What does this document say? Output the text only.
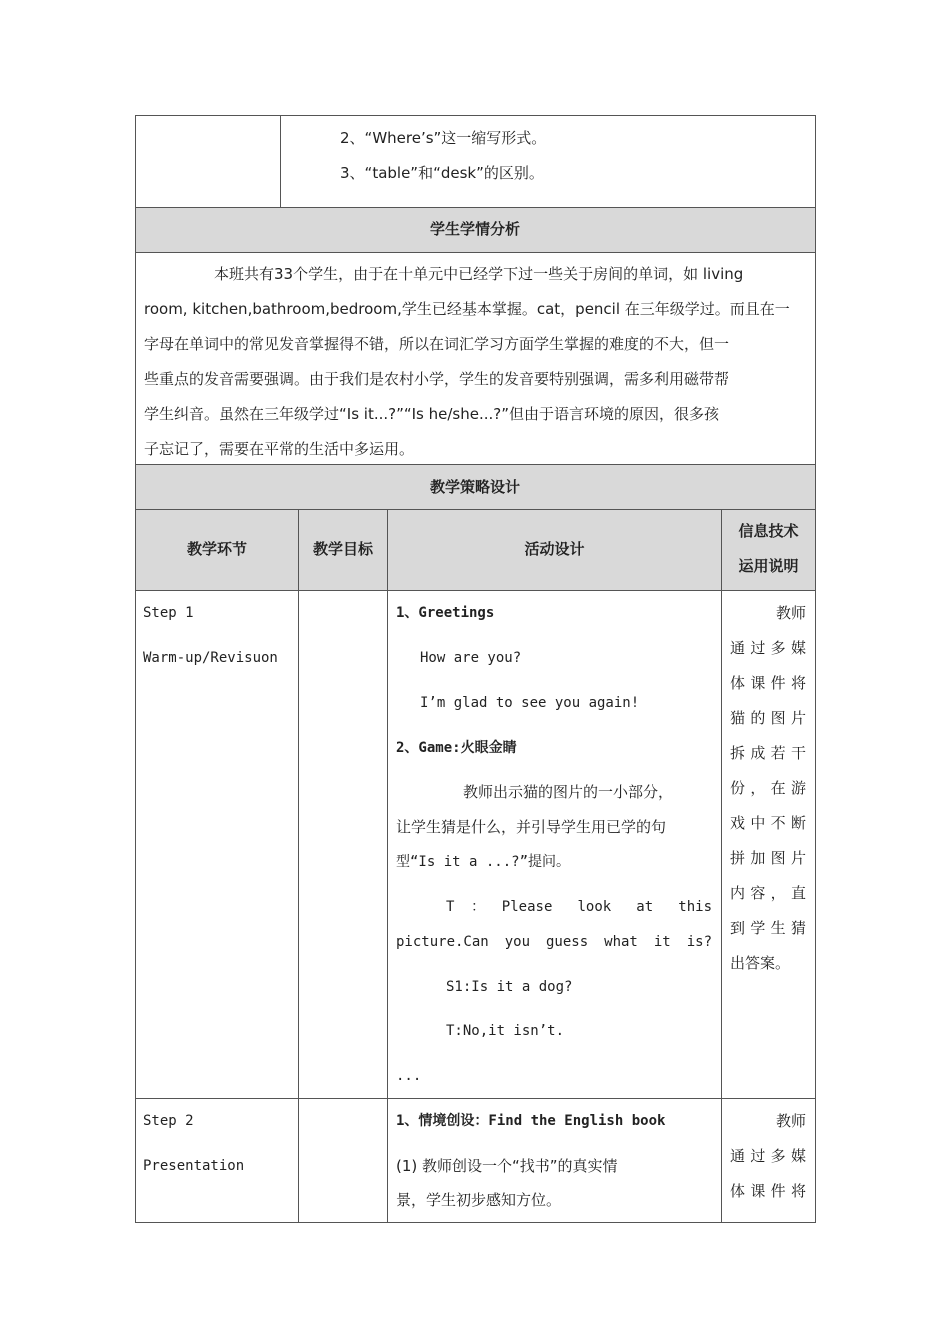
2、“Where’s”这一缩写形式。
3、“table”和“desk”的区别。
学生学情分析
本班共有33个学生，由于在十单元中已经学下过一些关于房间的单词，如 living
room, kitchen,bathroom,bedroom,学生已经基本掌握。cat，pencil 在三年级学过。而且在一
字母在单词中的常见发音掌握得不错，所以在词汇学习方面学生掌握的难度的不大，但一
些重点的发音需要强调。由于我们是农村小学，学生的发音要特别强调，需多利用磁带帮
学生纠音。虽然在三年级学过“Is it...?”“Is he/she...?”但由于语言环境的原因，很多孩
子忘记了，需要在平常的生活中多运用。
教学策略设计
教学环节	教学目标	活动设计
信息技术
运用说明
Step 1
Warm-up/Revisuon
1、Greetings
How are you?
I’m glad to see you again!
2、Game:火眼金睛
教师出示猫的图片的一小部分，
让学生猜是什么，并引导学生用已学的句
型“Is it a ...?”提问。
T：Please look at this
picture.Can you guess what it is?
S1:Is it a dog?
T:No,it isn’t.
...
教师
通过多媒
体课件将
猫的图片
拆成若干
份，在游
戏中不断
拼加图片
内容，直
到学生猜
出答案。
Step 2
Presentation
1、情境创设：Find the English book
(1) 教师创设一个“找书”的真实情
景，学生初步感知方位。
教师
通过多媒
体课件将
